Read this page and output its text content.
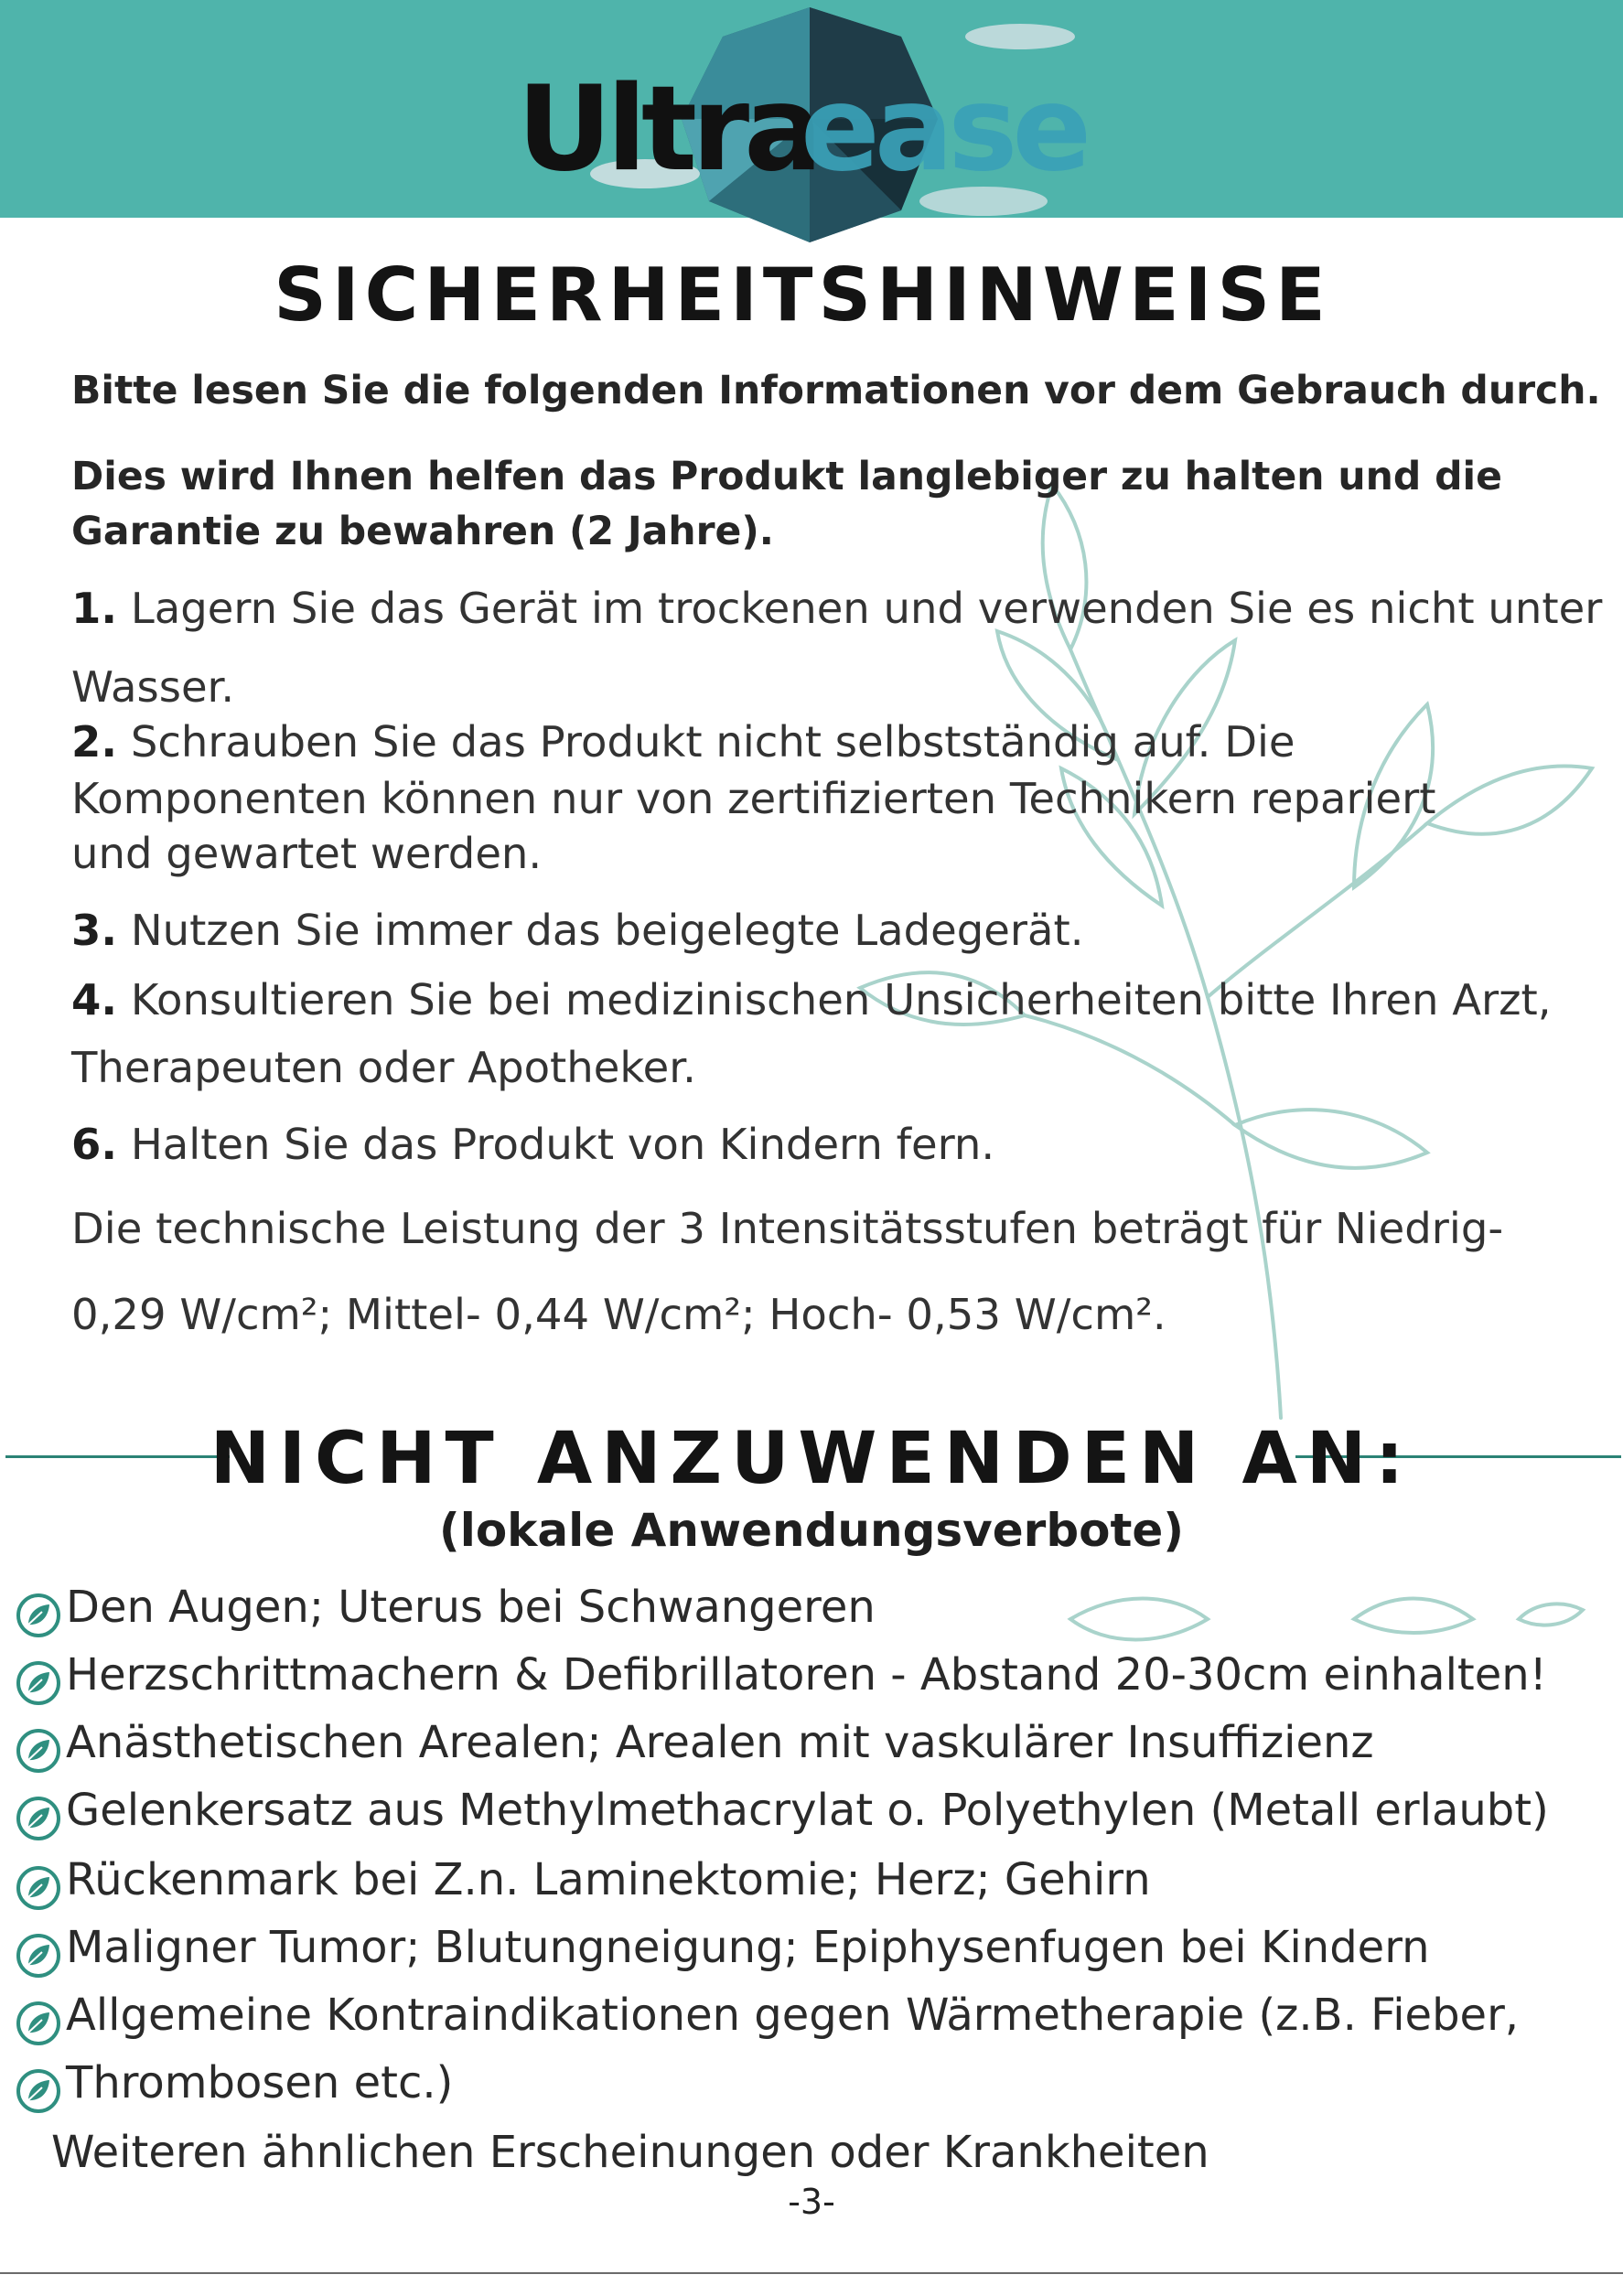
Ultra
ease
SICHERHEITSHINWEISE
Bitte lesen Sie die folgenden Informationen vor dem Gebrauch durch.
Dies wird Ihnen helfen das Produkt langlebiger zu halten und die
Garantie zu bewahren (2 Jahre).
1. Lagern Sie das Gerät im trockenen und verwenden Sie es nicht unter
Wasser.
2. Schrauben Sie das Produkt nicht selbstständig auf. Die
Komponenten können nur von zertifizierten Technikern repariert
und gewartet werden.
3. Nutzen Sie immer das beigelegte Ladegerät.
4. Konsultieren Sie bei medizinischen Unsicherheiten bitte Ihren Arzt,
Therapeuten oder Apotheker.
6. Halten Sie das Produkt von Kindern fern.
Die technische Leistung der 3 Intensitätsstufen beträgt für Niedrig-
0,29 W/cm²; Mittel- 0,44 W/cm²; Hoch- 0,53 W/cm².
NICHT ANZUWENDEN AN:
(lokale Anwendungsverbote)
Den Augen; Uterus bei Schwangeren
Herzschrittmachern & Defibrillatoren - Abstand 20-30cm einhalten!
Anästhetischen Arealen; Arealen mit vaskulärer Insuffizienz
Gelenkersatz aus Methylmethacrylat o. Polyethylen (Metall erlaubt)
Rückenmark bei Z.n. Laminektomie; Herz; Gehirn
Maligner Tumor; Blutungneigung; Epiphysenfugen bei Kindern
Allgemeine Kontraindikationen gegen Wärmetherapie (z.B. Fieber,
Thrombosen etc.)
Weiteren ähnlichen Erscheinungen oder Krankheiten
-3-
